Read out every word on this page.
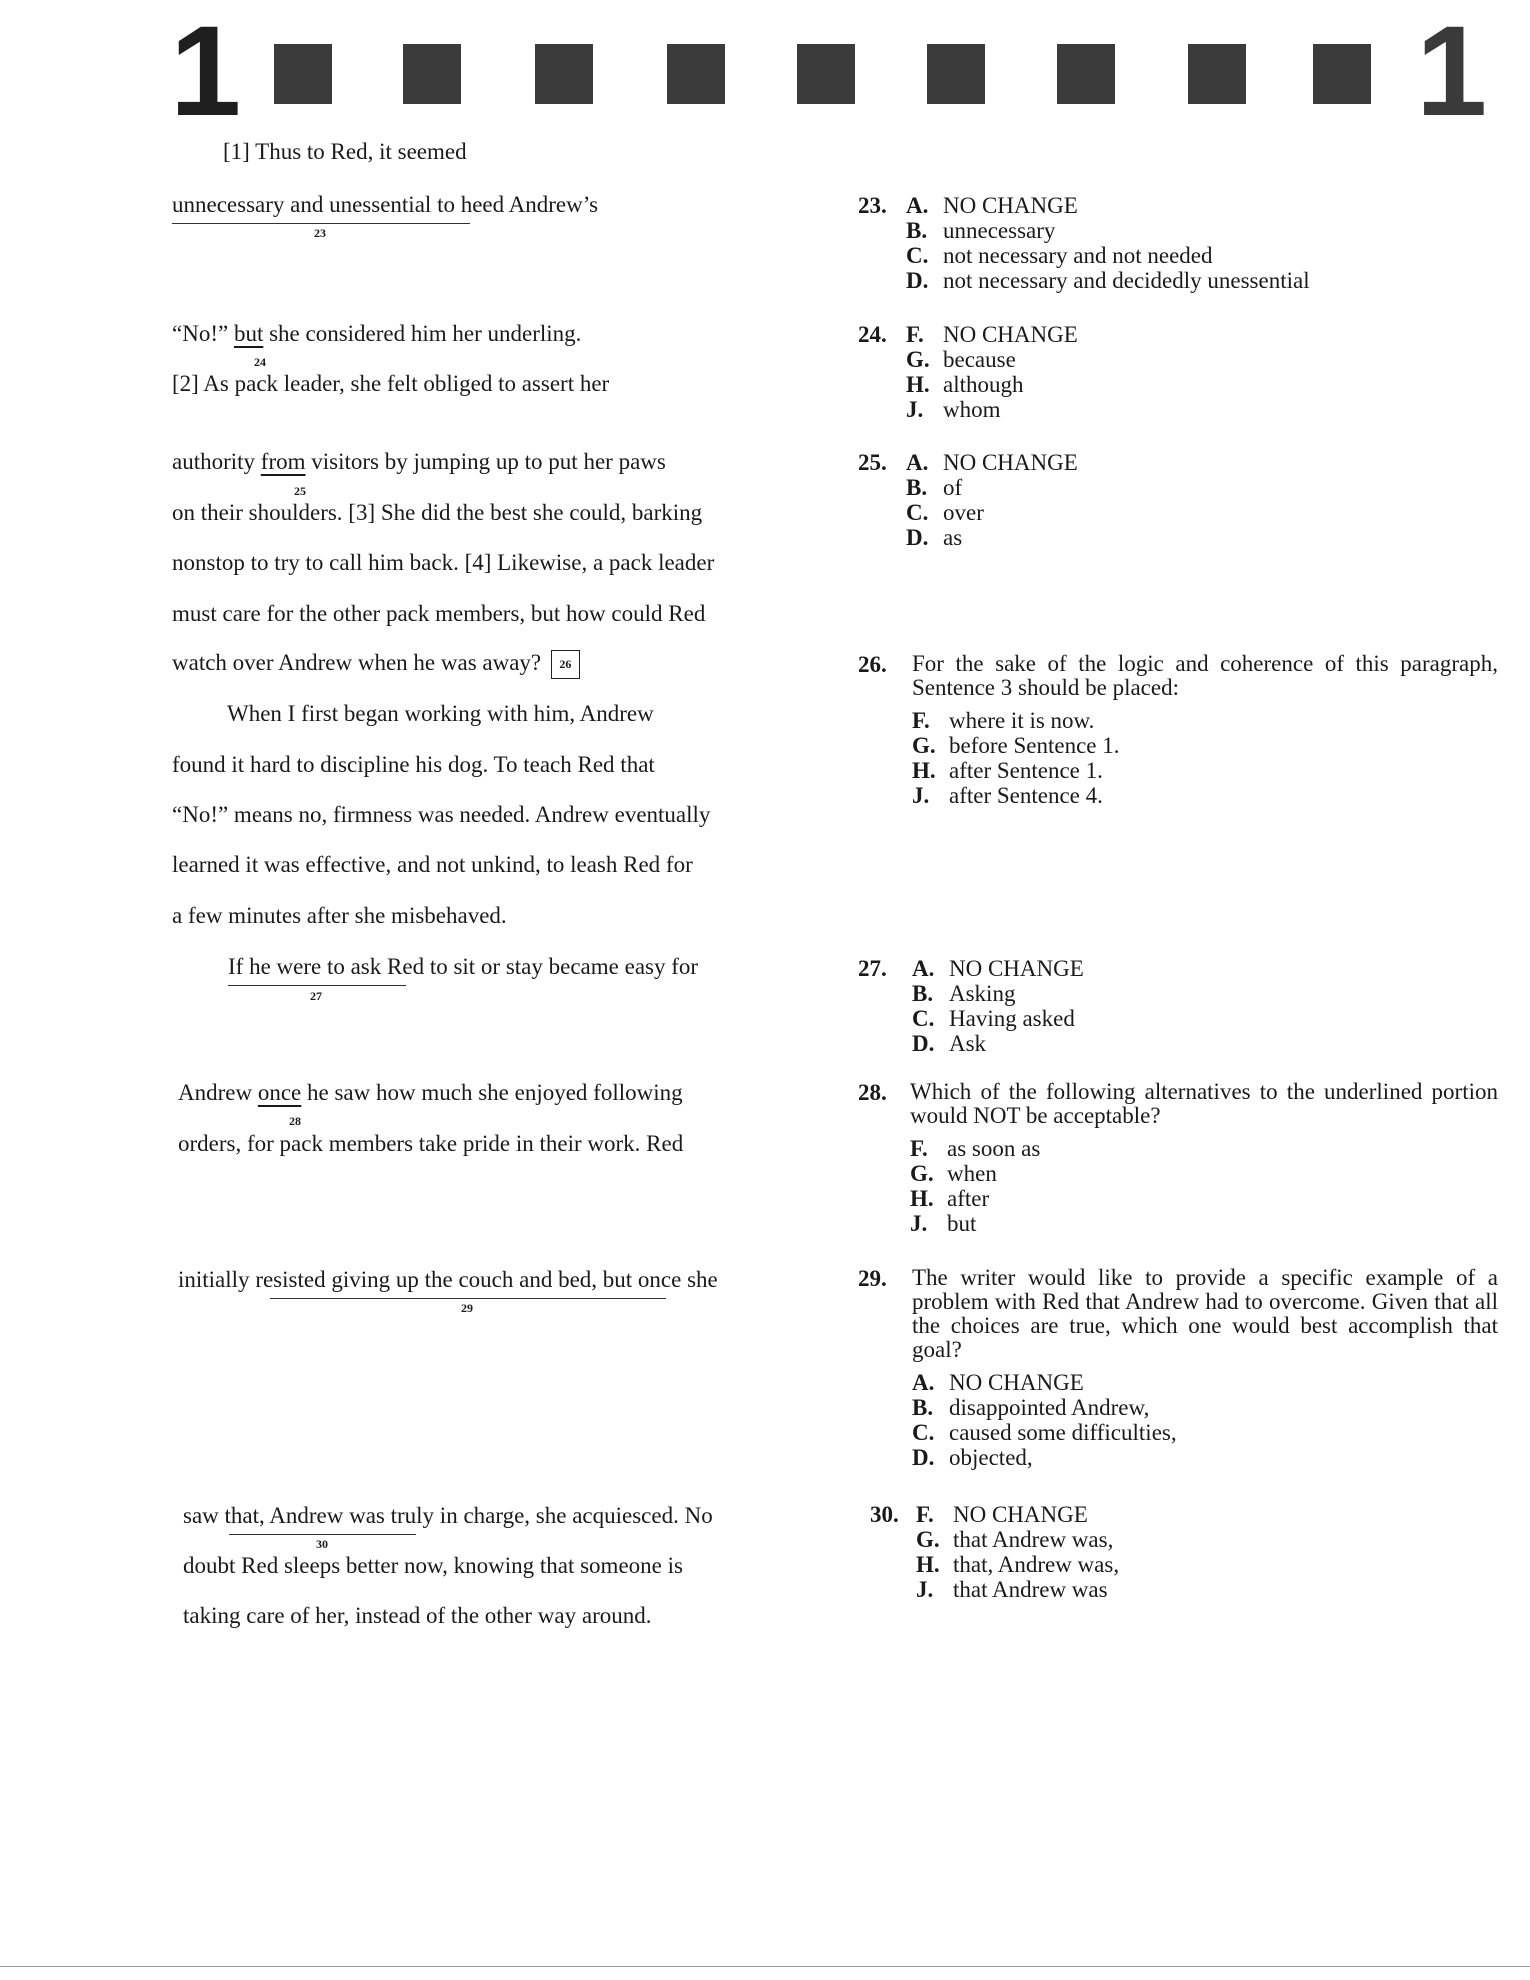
1	1
[1] Thus to Red, it seemed
unnecessary and unessential to heed Andrew’s
23
“No!” but she considered him her underling.
24
[2] As pack leader, she felt obliged to assert her
authority from visitors by jumping up to put her paws
25
on their shoulders. [3] She did the best she could, barking
nonstop to try to call him back. [4] Likewise, a pack leader
must care for the other pack members, but how could Red
watch over Andrew when he was away? 26
When I first began working with him, Andrew
found it hard to discipline his dog. To teach Red that
“No!” means no, firmness was needed. Andrew eventually
learned it was effective, and not unkind, to leash Red for
a few minutes after she misbehaved.
If he were to ask Red to sit or stay became easy for
27
Andrew once he saw how much she enjoyed following
28
orders, for pack members take pride in their work. Red
initially resisted giving up the couch and bed, but once she
29
saw that, Andrew was truly in charge, she acquiesced. No
30
doubt Red sleeps better now, knowing that someone is
taking care of her, instead of the other way around.
23. A. NO CHANGE
B. unnecessary
C. not necessary and not needed
D. not necessary and decidedly unessential
24. F. NO CHANGE
G. because
H. although
J. whom
25. A. NO CHANGE
B. of
C. over
D. as
26. For the sake of the logic and coherence of this paragraph, Sentence 3 should be placed:
F. where it is now.
G. before Sentence 1.
H. after Sentence 1.
J. after Sentence 4.
27. A. NO CHANGE
B. Asking
C. Having asked
D. Ask
28. Which of the following alternatives to the underlined portion would NOT be acceptable?
F. as soon as
G. when
H. after
J. but
29. The writer would like to provide a specific example of a problem with Red that Andrew had to overcome. Given that all the choices are true, which one would best accomplish that goal?
A. NO CHANGE
B. disappointed Andrew,
C. caused some difficulties,
D. objected,
30. F. NO CHANGE
G. that Andrew was,
H. that, Andrew was,
J. that Andrew was
